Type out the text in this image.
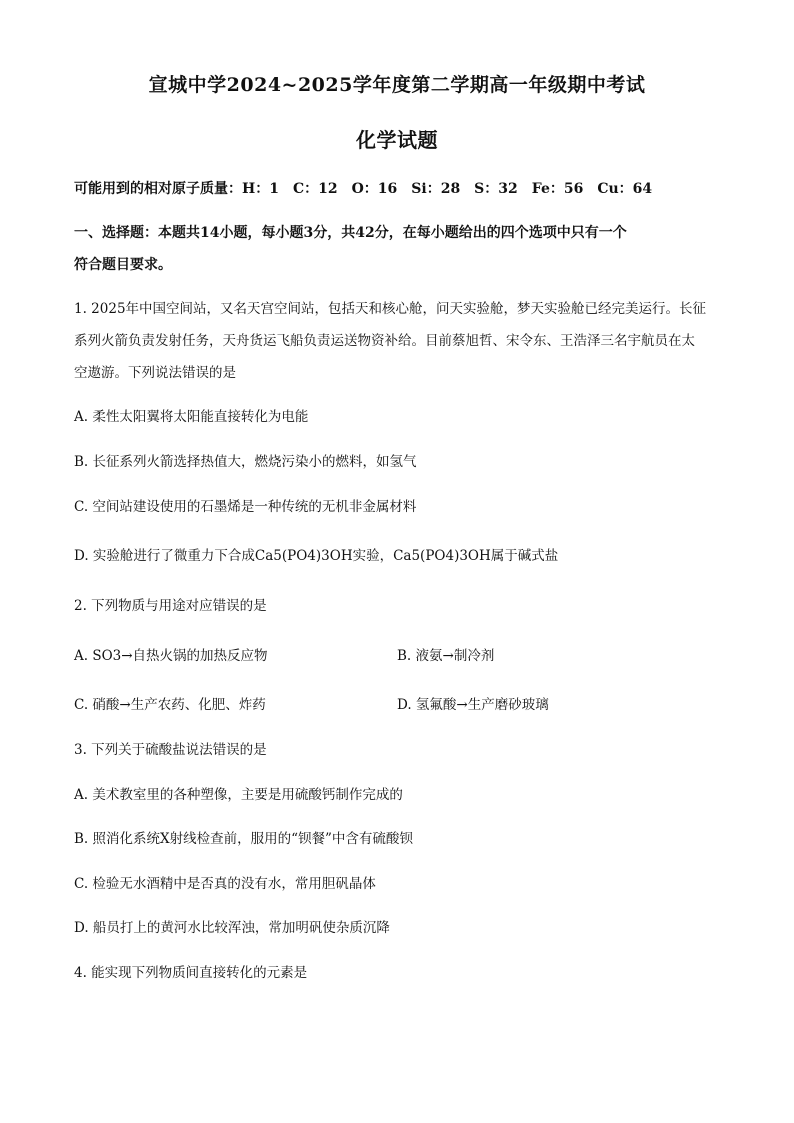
宣城中学2024~2025学年度第二学期高一年级期中考试
化学试题
可能用到的相对原子质量：H：1　C：12　O：16　Si：28　S：32　Fe：56　Cu：64
一、选择题：本题共14小题，每小题3分，共42分，在每小题给出的四个选项中只有一个
符合题目要求。
1. 2025年中国空间站，又名天宫空间站，包括天和核心舱，问天实验舱，梦天实验舱已经完美运行。长征
系列火箭负责发射任务，天舟货运飞船负责运送物资补给。目前蔡旭哲、宋令东、王浩泽三名宇航员在太
空遨游。下列说法错误的是
A. 柔性太阳翼将太阳能直接转化为电能
B. 长征系列火箭选择热值大，燃烧污染小的燃料，如氢气
C. 空间站建设使用的石墨烯是一种传统的无机非金属材料
D. 实验舱进行了微重力下合成Ca5(PO4)3OH实验，Ca5(PO4)3OH属于碱式盐
2. 下列物质与用途对应错误的是
A. SO3→自热火锅的加热反应物	B. 液氨→制冷剂
C. 硝酸→生产农药、化肥、炸药	D. 氢氟酸→生产磨砂玻璃
3. 下列关于硫酸盐说法错误的是
A. 美术教室里的各种塑像，主要是用硫酸钙制作完成的
B. 照消化系统X射线检查前，服用的“钡餐”中含有硫酸钡
C. 检验无水酒精中是否真的没有水，常用胆矾晶体
D. 船员打上的黄河水比较浑浊，常加明矾使杂质沉降
4. 能实现下列物质间直接转化的元素是
